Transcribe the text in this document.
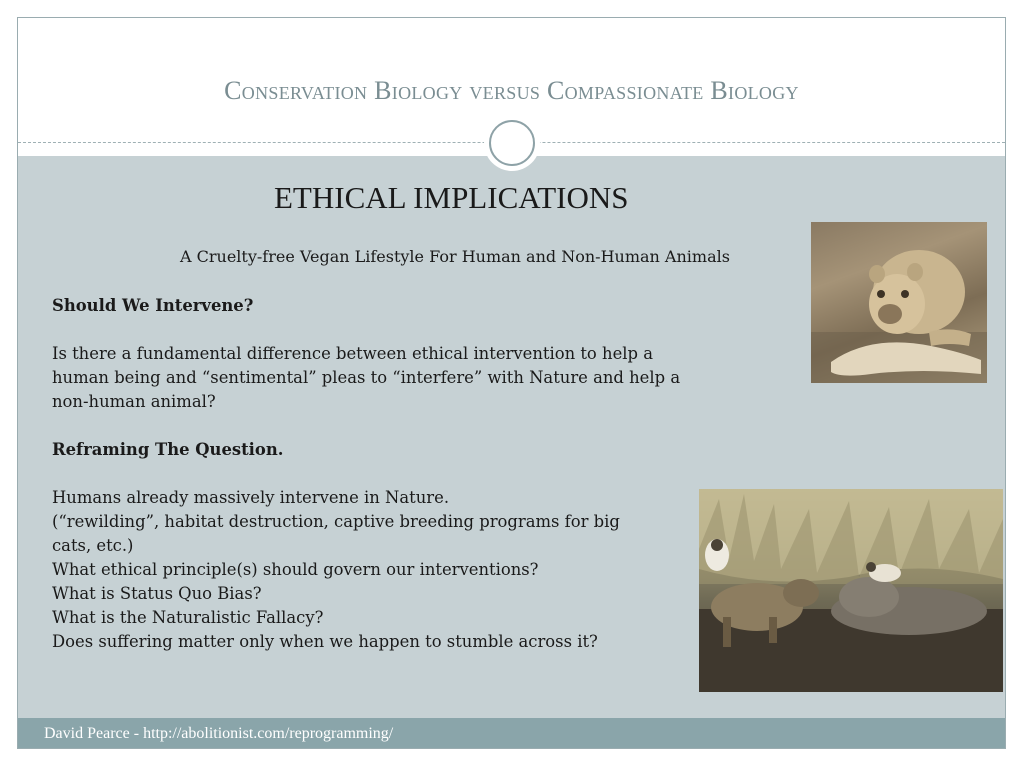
Conservation Biology versus Compassionate Biology
ETHICAL IMPLICATIONS
A Cruelty-free Vegan Lifestyle For Human and Non-Human Animals

Should We Intervene?

Is there a fundamental difference between ethical intervention to help a

human being and “sentimental” pleas to “interfere” with Nature and help a

non-human animal?

Reframing The Question.

Humans already massively intervene in Nature.

(“rewilding”, habitat destruction, captive breeding programs for big

cats, etc.)

What ethical principle(s) should govern our interventions?

What is Status Quo Bias?

What is the Naturalistic Fallacy?

Does suffering matter only when we happen to stumble across it?

David Pearce - http://abolitionist.com/reprogramming/
